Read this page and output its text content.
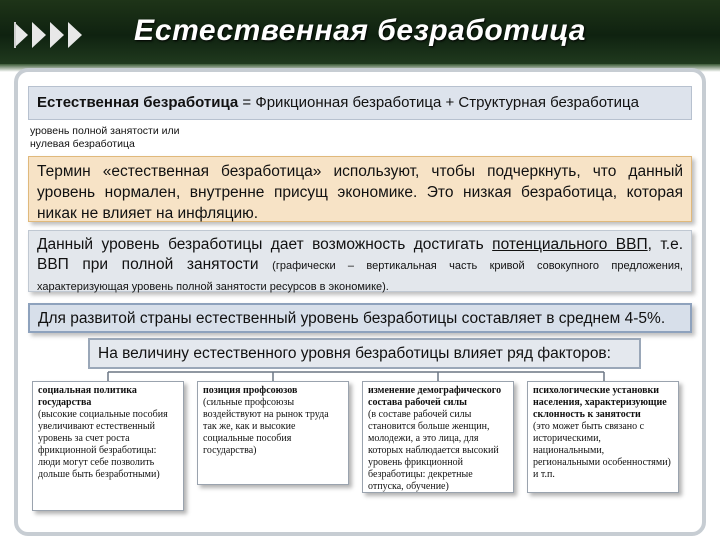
Естественная безработица
Естественная безработица = Фрикционная безработица + Структурная безработица
уровень полной занятости или
нулевая безработица
Термин «естественная безработица» используют, чтобы подчеркнуть, что данный уровень нормален, внутренне присущ экономике. Это низкая безработица, которая никак не влияет на инфляцию.
Данный уровень безработицы дает возможность достигать потенциального ВВП, т.е. ВВП при полной занятости (графически – вертикальная часть кривой совокупного предложения, характеризующая уровень полной занятости ресурсов в экономике).
Для развитой страны естественный уровень безработицы составляет в среднем 4-5%.
На величину естественного уровня безработицы влияет ряд факторов:
социальная политика государства
(высокие социальные пособия увеличивают естественный уровень за счет роста фрикционной безработицы: люди могут себе позволить дольше быть безработными)
позиция профсоюзов
(сильные профсоюзы воздействуют на рынок труда так же, как и высокие социальные пособия государства)
изменение демографического состава рабочей силы
(в составе рабочей силы становится больше женщин, молодежи, а это лица, для которых наблюдается высокий уровень фрикционной безработицы: декретные отпуска, обучение)
психологические установки населения, характеризующие склонность к занятости
(это может быть связано с историческими, национальными, региональными особенностями) и т.п.
